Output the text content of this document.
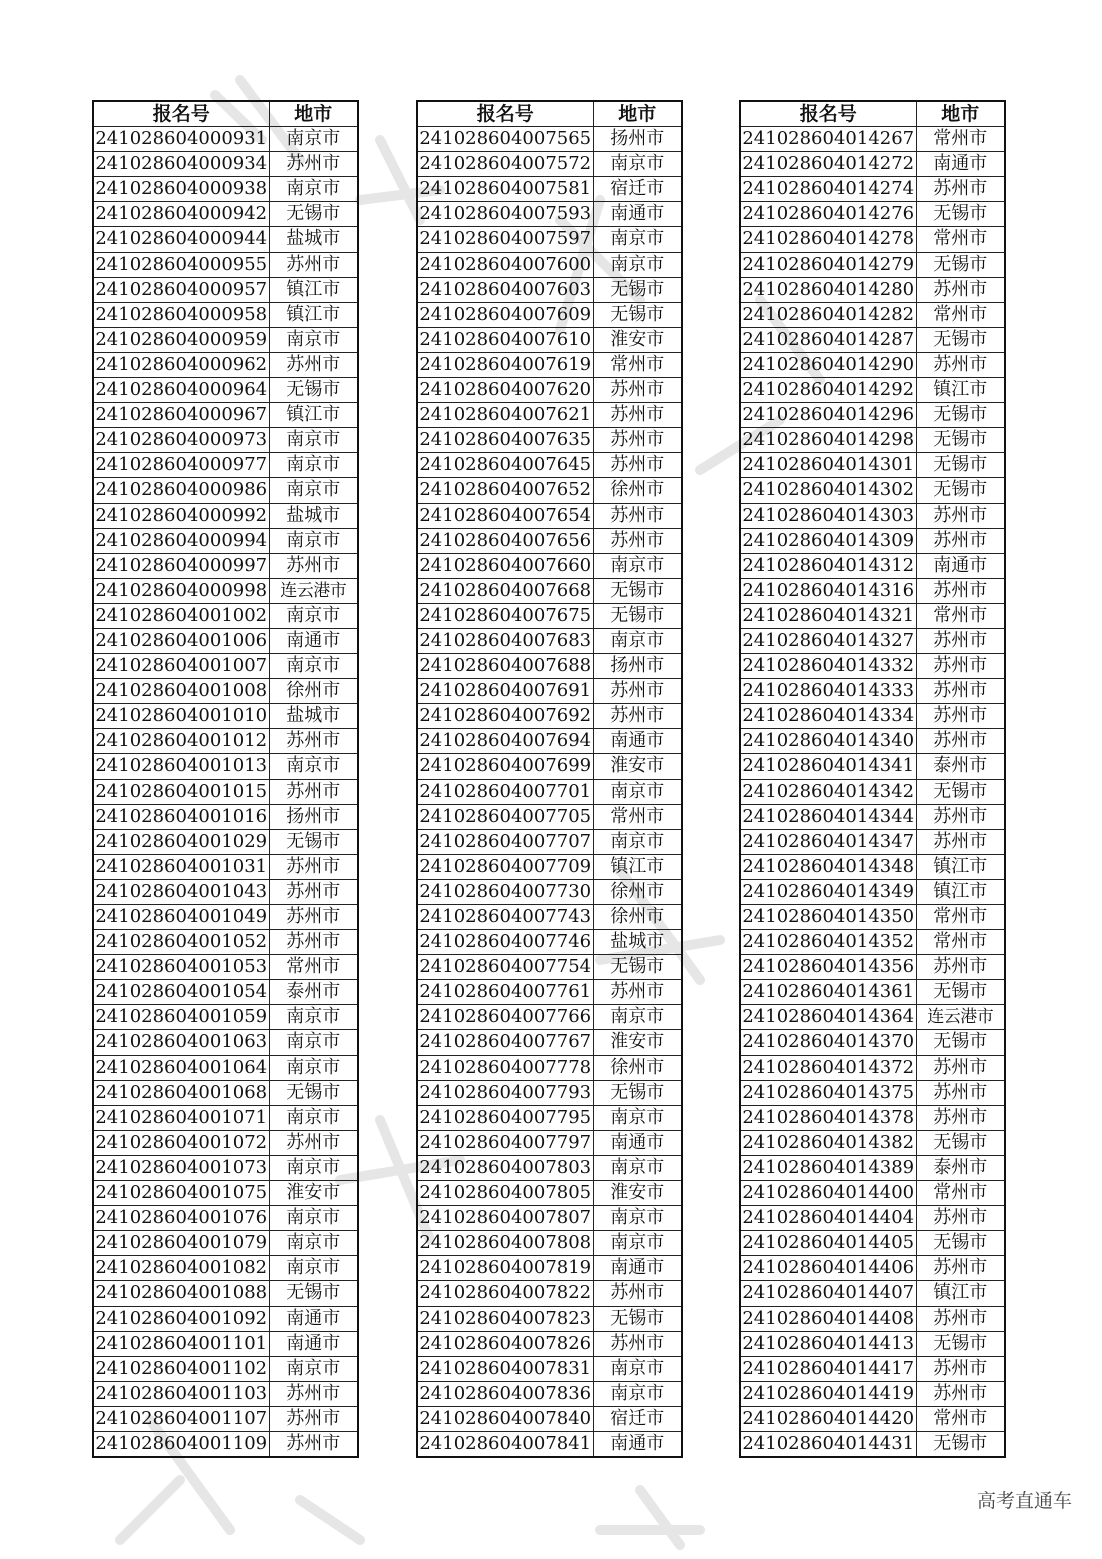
报名号	地市
241028604000931	南京市
241028604000934	苏州市
241028604000938	南京市
241028604000942	无锡市
241028604000944	盐城市
241028604000955	苏州市
241028604000957	镇江市
241028604000958	镇江市
241028604000959	南京市
241028604000962	苏州市
241028604000964	无锡市
241028604000967	镇江市
241028604000973	南京市
241028604000977	南京市
241028604000986	南京市
241028604000992	盐城市
241028604000994	南京市
241028604000997	苏州市
241028604000998	连云港市
241028604001002	南京市
241028604001006	南通市
241028604001007	南京市
241028604001008	徐州市
241028604001010	盐城市
241028604001012	苏州市
241028604001013	南京市
241028604001015	苏州市
241028604001016	扬州市
241028604001029	无锡市
241028604001031	苏州市
241028604001043	苏州市
241028604001049	苏州市
241028604001052	苏州市
241028604001053	常州市
241028604001054	泰州市
241028604001059	南京市
241028604001063	南京市
241028604001064	南京市
241028604001068	无锡市
241028604001071	南京市
241028604001072	苏州市
241028604001073	南京市
241028604001075	淮安市
241028604001076	南京市
241028604001079	南京市
241028604001082	南京市
241028604001088	无锡市
241028604001092	南通市
241028604001101	南通市
241028604001102	南京市
241028604001103	苏州市
241028604001107	苏州市
241028604001109	苏州市
报名号	地市
241028604007565	扬州市
241028604007572	南京市
241028604007581	宿迁市
241028604007593	南通市
241028604007597	南京市
241028604007600	南京市
241028604007603	无锡市
241028604007609	无锡市
241028604007610	淮安市
241028604007619	常州市
241028604007620	苏州市
241028604007621	苏州市
241028604007635	苏州市
241028604007645	苏州市
241028604007652	徐州市
241028604007654	苏州市
241028604007656	苏州市
241028604007660	南京市
241028604007668	无锡市
241028604007675	无锡市
241028604007683	南京市
241028604007688	扬州市
241028604007691	苏州市
241028604007692	苏州市
241028604007694	南通市
241028604007699	淮安市
241028604007701	南京市
241028604007705	常州市
241028604007707	南京市
241028604007709	镇江市
241028604007730	徐州市
241028604007743	徐州市
241028604007746	盐城市
241028604007754	无锡市
241028604007761	苏州市
241028604007766	南京市
241028604007767	淮安市
241028604007778	徐州市
241028604007793	无锡市
241028604007795	南京市
241028604007797	南通市
241028604007803	南京市
241028604007805	淮安市
241028604007807	南京市
241028604007808	南京市
241028604007819	南通市
241028604007822	苏州市
241028604007823	无锡市
241028604007826	苏州市
241028604007831	南京市
241028604007836	南京市
241028604007840	宿迁市
241028604007841	南通市
报名号	地市
241028604014267	常州市
241028604014272	南通市
241028604014274	苏州市
241028604014276	无锡市
241028604014278	常州市
241028604014279	无锡市
241028604014280	苏州市
241028604014282	常州市
241028604014287	无锡市
241028604014290	苏州市
241028604014292	镇江市
241028604014296	无锡市
241028604014298	无锡市
241028604014301	无锡市
241028604014302	无锡市
241028604014303	苏州市
241028604014309	苏州市
241028604014312	南通市
241028604014316	苏州市
241028604014321	常州市
241028604014327	苏州市
241028604014332	苏州市
241028604014333	苏州市
241028604014334	苏州市
241028604014340	苏州市
241028604014341	泰州市
241028604014342	无锡市
241028604014344	苏州市
241028604014347	苏州市
241028604014348	镇江市
241028604014349	镇江市
241028604014350	常州市
241028604014352	常州市
241028604014356	苏州市
241028604014361	无锡市
241028604014364	连云港市
241028604014370	无锡市
241028604014372	苏州市
241028604014375	苏州市
241028604014378	苏州市
241028604014382	无锡市
241028604014389	泰州市
241028604014400	常州市
241028604014404	苏州市
241028604014405	无锡市
241028604014406	苏州市
241028604014407	镇江市
241028604014408	苏州市
241028604014413	无锡市
241028604014417	苏州市
241028604014419	苏州市
241028604014420	常州市
241028604014431	无锡市
高考直通车
